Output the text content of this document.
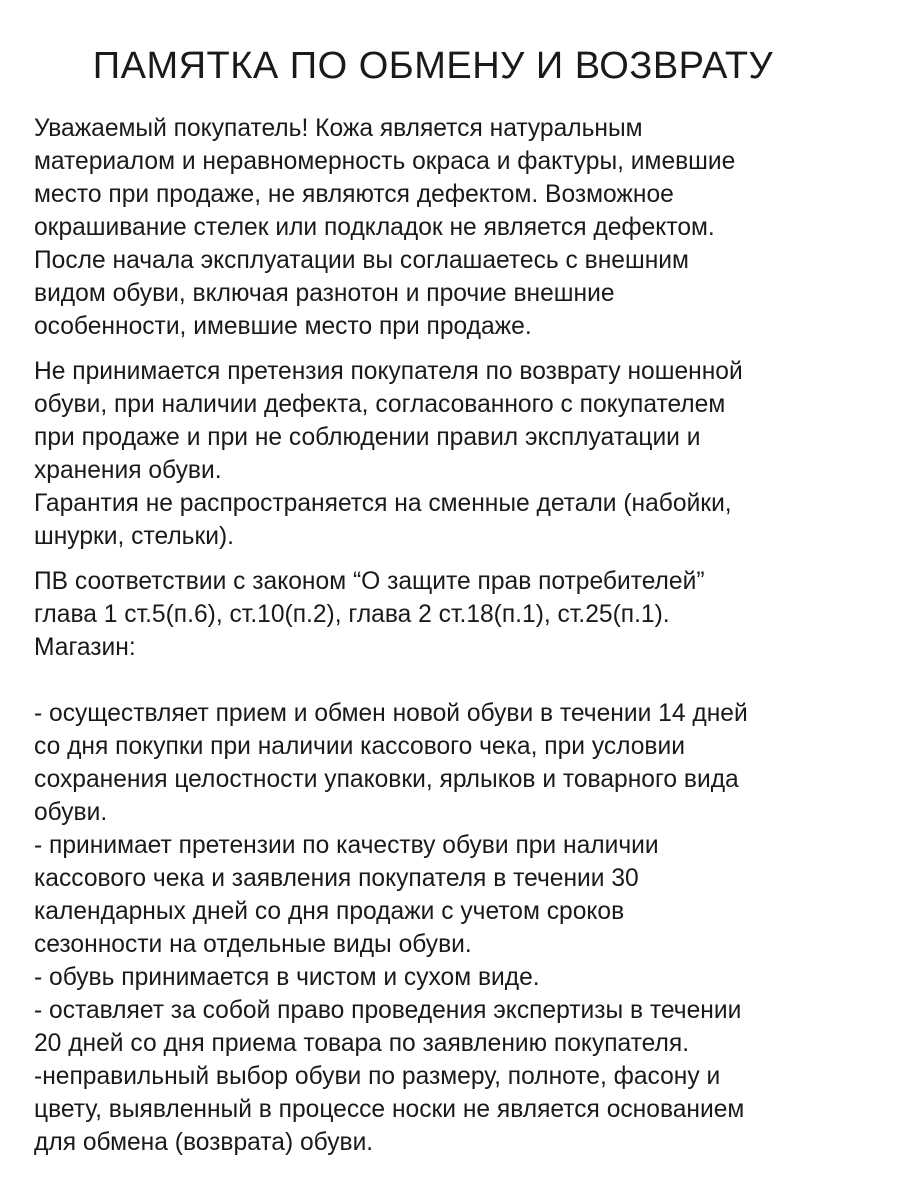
ПАМЯТКА ПО ОБМЕНУ И ВОЗВРАТУ

Уважаемый покупатель! Кожа является натуральным
материалом и неравномерность окраса и фактуры, имевшие
место при продаже, не являются дефектом. Возможное
окрашивание стелек или подкладок не является дефектом.
После начала эксплуатации вы соглашаетесь с внешним
видом обуви, включая разнотон и прочие внешние
особенности, имевшие место при продаже.

Не принимается претензия покупателя по возврату ношенной
обуви, при наличии дефекта, согласованного с покупателем
при продаже и при не соблюдении правил эксплуатации и
хранения обуви.
Гарантия не распространяется на сменные детали (набойки,
шнурки, стельки).

ПВ соответствии с законом “О защите прав потребителей”
глава 1 ст.5(п.6), ст.10(п.2), глава 2 ст.18(п.1), ст.25(п.1).
Магазин:

- осуществляет прием и обмен новой обуви в течении 14 дней
со дня покупки при наличии кассового чека, при условии
сохранения целостности упаковки, ярлыков и товарного вида
обуви.
- принимает претензии по качеству обуви при наличии
кассового чека и заявления покупателя в течении 30
календарных дней со дня продажи с учетом сроков
сезонности на отдельные виды обуви.
- обувь принимается в чистом и сухом виде.
- оставляет за собой право проведения экспертизы в течении
20 дней со дня приема товара по заявлению покупателя.
-неправильный выбор обуви по размеру, полноте, фасону и
цвету, выявленный в процессе носки не является основанием
для обмена (возврата) обуви.
